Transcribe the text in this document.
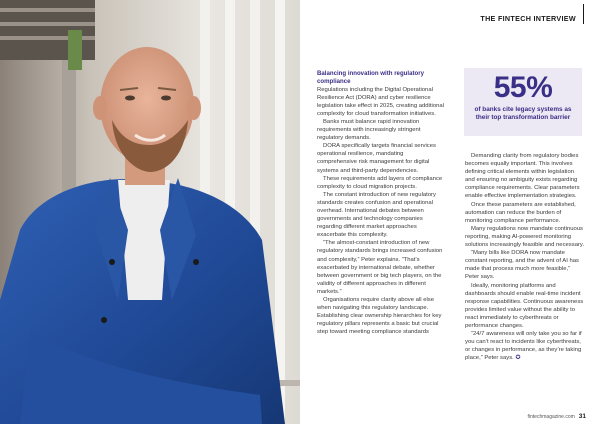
THE FINTECH INTERVIEW

Balancing innovation with regulatory compliance

Regulations including the Digital Operational Resilience Act (DORA) and cyber resilience legislation take effect in 2025, creating additional complexity for cloud transformation initiatives.

Banks must balance rapid innovation requirements with increasingly stringent regulatory demands.

DORA specifically targets financial services operational resilience, mandating comprehensive risk management for digital systems and third-party dependencies.

These requirements add layers of compliance complexity to cloud migration projects.

The constant introduction of new regulatory standards creates confusion and operational overhead. International debates between governments and technology companies regarding different market approaches exacerbate this complexity.

“The almost-constant introduction of new regulatory standards brings increased confusion and complexity,” Peter explains. “That’s exacerbated by international debate, whether between government or big tech players, on the validity of different approaches in different markets.”

Organisations require clarity above all else when navigating this regulatory landscape. Establishing clear ownership hierarchies for key regulatory pillars represents a basic but crucial step toward meeting compliance standards

55%
of banks cite legacy systems as their top transformation barrier

Demanding clarity from regulatory bodies becomes equally important. This involves defining critical elements within legislation and ensuring no ambiguity exists regarding compliance requirements. Clear parameters enable effective implementation strategies.

Once these parameters are established, automation can reduce the burden of monitoring compliance performance.

Many regulations now mandate continuous reporting, making AI-powered monitoring solutions increasingly feasible and necessary.

“Many bills like DORA now mandate constant reporting, and the advent of AI has made that process much more feasible,” Peter says.

Ideally, monitoring platforms and dashboards should enable real-time incident response capabilities. Continuous awareness provides limited value without the ability to react immediately to cyberthreats or performance changes.

“24/7 awareness will only take you so far if you can’t react to incidents like cyberthreats, or changes in performance, as they’re taking place,” Peter says. ✪

fintechmagazine.com 31
